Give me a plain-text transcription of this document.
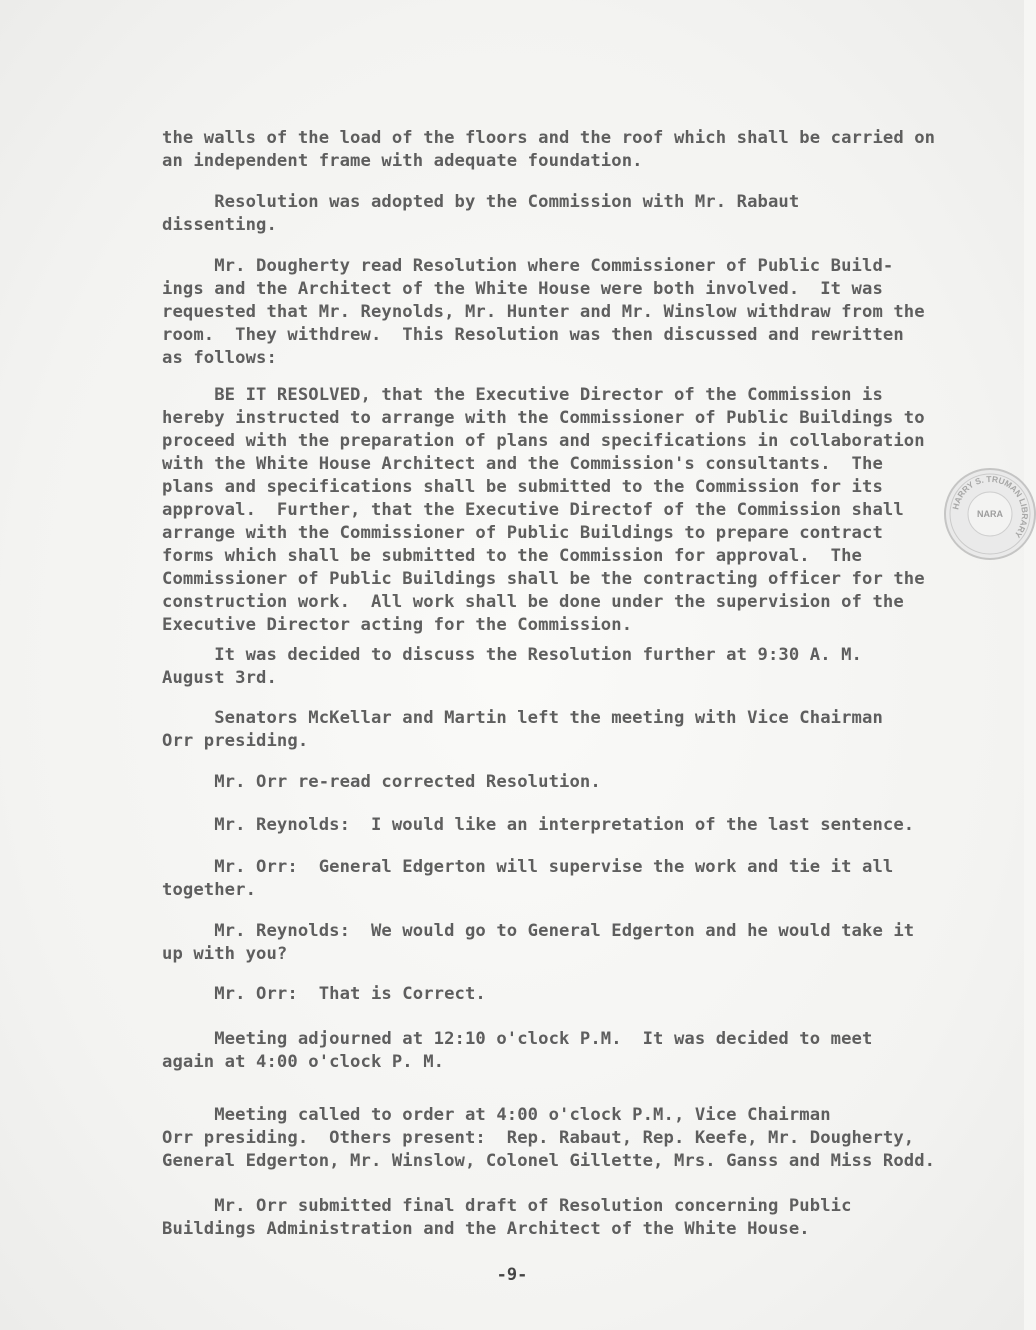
the walls of the load of the floors and the roof which shall be carried on
an independent frame with adequate foundation.
Resolution was adopted by the Commission with Mr. Rabaut
dissenting.
Mr. Dougherty read Resolution where Commissioner of Public Build-
ings and the Architect of the White House were both involved.  It was
requested that Mr. Reynolds, Mr. Hunter and Mr. Winslow withdraw from the
room.  They withdrew.  This Resolution was then discussed and rewritten
as follows:
BE IT RESOLVED, that the Executive Director of the Commission is
hereby instructed to arrange with the Commissioner of Public Buildings to
proceed with the preparation of plans and specifications in collaboration
with the White House Architect and the Commission's consultants.  The
plans and specifications shall be submitted to the Commission for its
approval.  Further, that the Executive Directof of the Commission shall
arrange with the Commissioner of Public Buildings to prepare contract
forms which shall be submitted to the Commission for approval.  The
Commissioner of Public Buildings shall be the contracting officer for the
construction work.  All work shall be done under the supervision of the
Executive Director acting for the Commission.
It was decided to discuss the Resolution further at 9:30 A. M.
August 3rd.
Senators McKellar and Martin left the meeting with Vice Chairman
Orr presiding.
Mr. Orr re-read corrected Resolution.
Mr. Reynolds:  I would like an interpretation of the last sentence.
Mr. Orr:  General Edgerton will supervise the work and tie it all
together.
Mr. Reynolds:  We would go to General Edgerton and he would take it
up with you?
Mr. Orr:  That is Correct.
Meeting adjourned at 12:10 o'clock P.M.  It was decided to meet
again at 4:00 o'clock P. M.
Meeting called to order at 4:00 o'clock P.M., Vice Chairman
Orr presiding.  Others present:  Rep. Rabaut, Rep. Keefe, Mr. Dougherty,
General Edgerton, Mr. Winslow, Colonel Gillette, Mrs. Ganss and Miss Rodd.
Mr. Orr submitted final draft of Resolution concerning Public
Buildings Administration and the Architect of the White House.
-9-
HARRY S. TRUMAN LIBRARY
NARA
